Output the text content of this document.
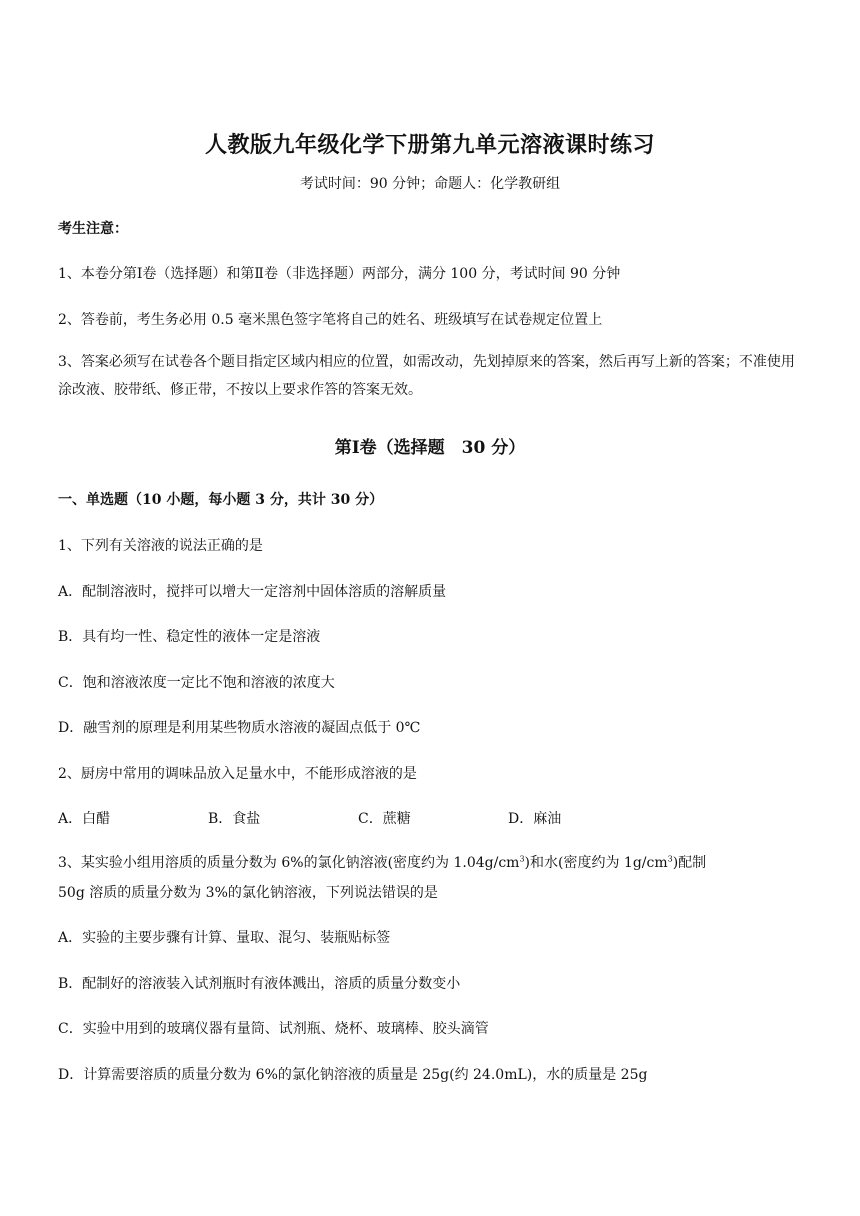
人教版九年级化学下册第九单元溶液课时练习
考试时间：90 分钟；命题人：化学教研组
考生注意：
1、本卷分第Ⅰ卷（选择题）和第Ⅱ卷（非选择题）两部分，满分 100 分，考试时间 90 分钟
2、答卷前，考生务必用 0.5 毫米黑色签字笔将自己的姓名、班级填写在试卷规定位置上
3、答案必须写在试卷各个题目指定区域内相应的位置，如需改动，先划掉原来的答案，然后再写上新的答案；不准使用涂改液、胶带纸、修正带，不按以上要求作答的答案无效。
第Ⅰ卷（选择题　30 分）
一、单选题（10 小题，每小题 3 分，共计 30 分）
1、下列有关溶液的说法正确的是
A．配制溶液时，搅拌可以增大一定溶剂中固体溶质的溶解质量
B．具有均一性、稳定性的液体一定是溶液
C．饱和溶液浓度一定比不饱和溶液的浓度大
D．融雪剂的原理是利用某些物质水溶液的凝固点低于 0℃
2、厨房中常用的调味品放入足量水中，不能形成溶液的是
A．白醋	B．食盐	C．蔗糖	D．麻油
3、某实验小组用溶质的质量分数为 6%的氯化钠溶液(密度约为 $1.04g/cm^3$)和水(密度约为 $1g/cm^3$)配制
50g 溶质的质量分数为 3%的氯化钠溶液，下列说法错误的是
A．实验的主要步骤有计算、量取、混匀、装瓶贴标签
B．配制好的溶液装入试剂瓶时有液体溅出，溶质的质量分数变小
C．实验中用到的玻璃仪器有量筒、试剂瓶、烧杯、玻璃棒、胶头滴管
D．计算需要溶质的质量分数为 6%的氯化钠溶液的质量是 25g(约 24.0mL)，水的质量是 25g
